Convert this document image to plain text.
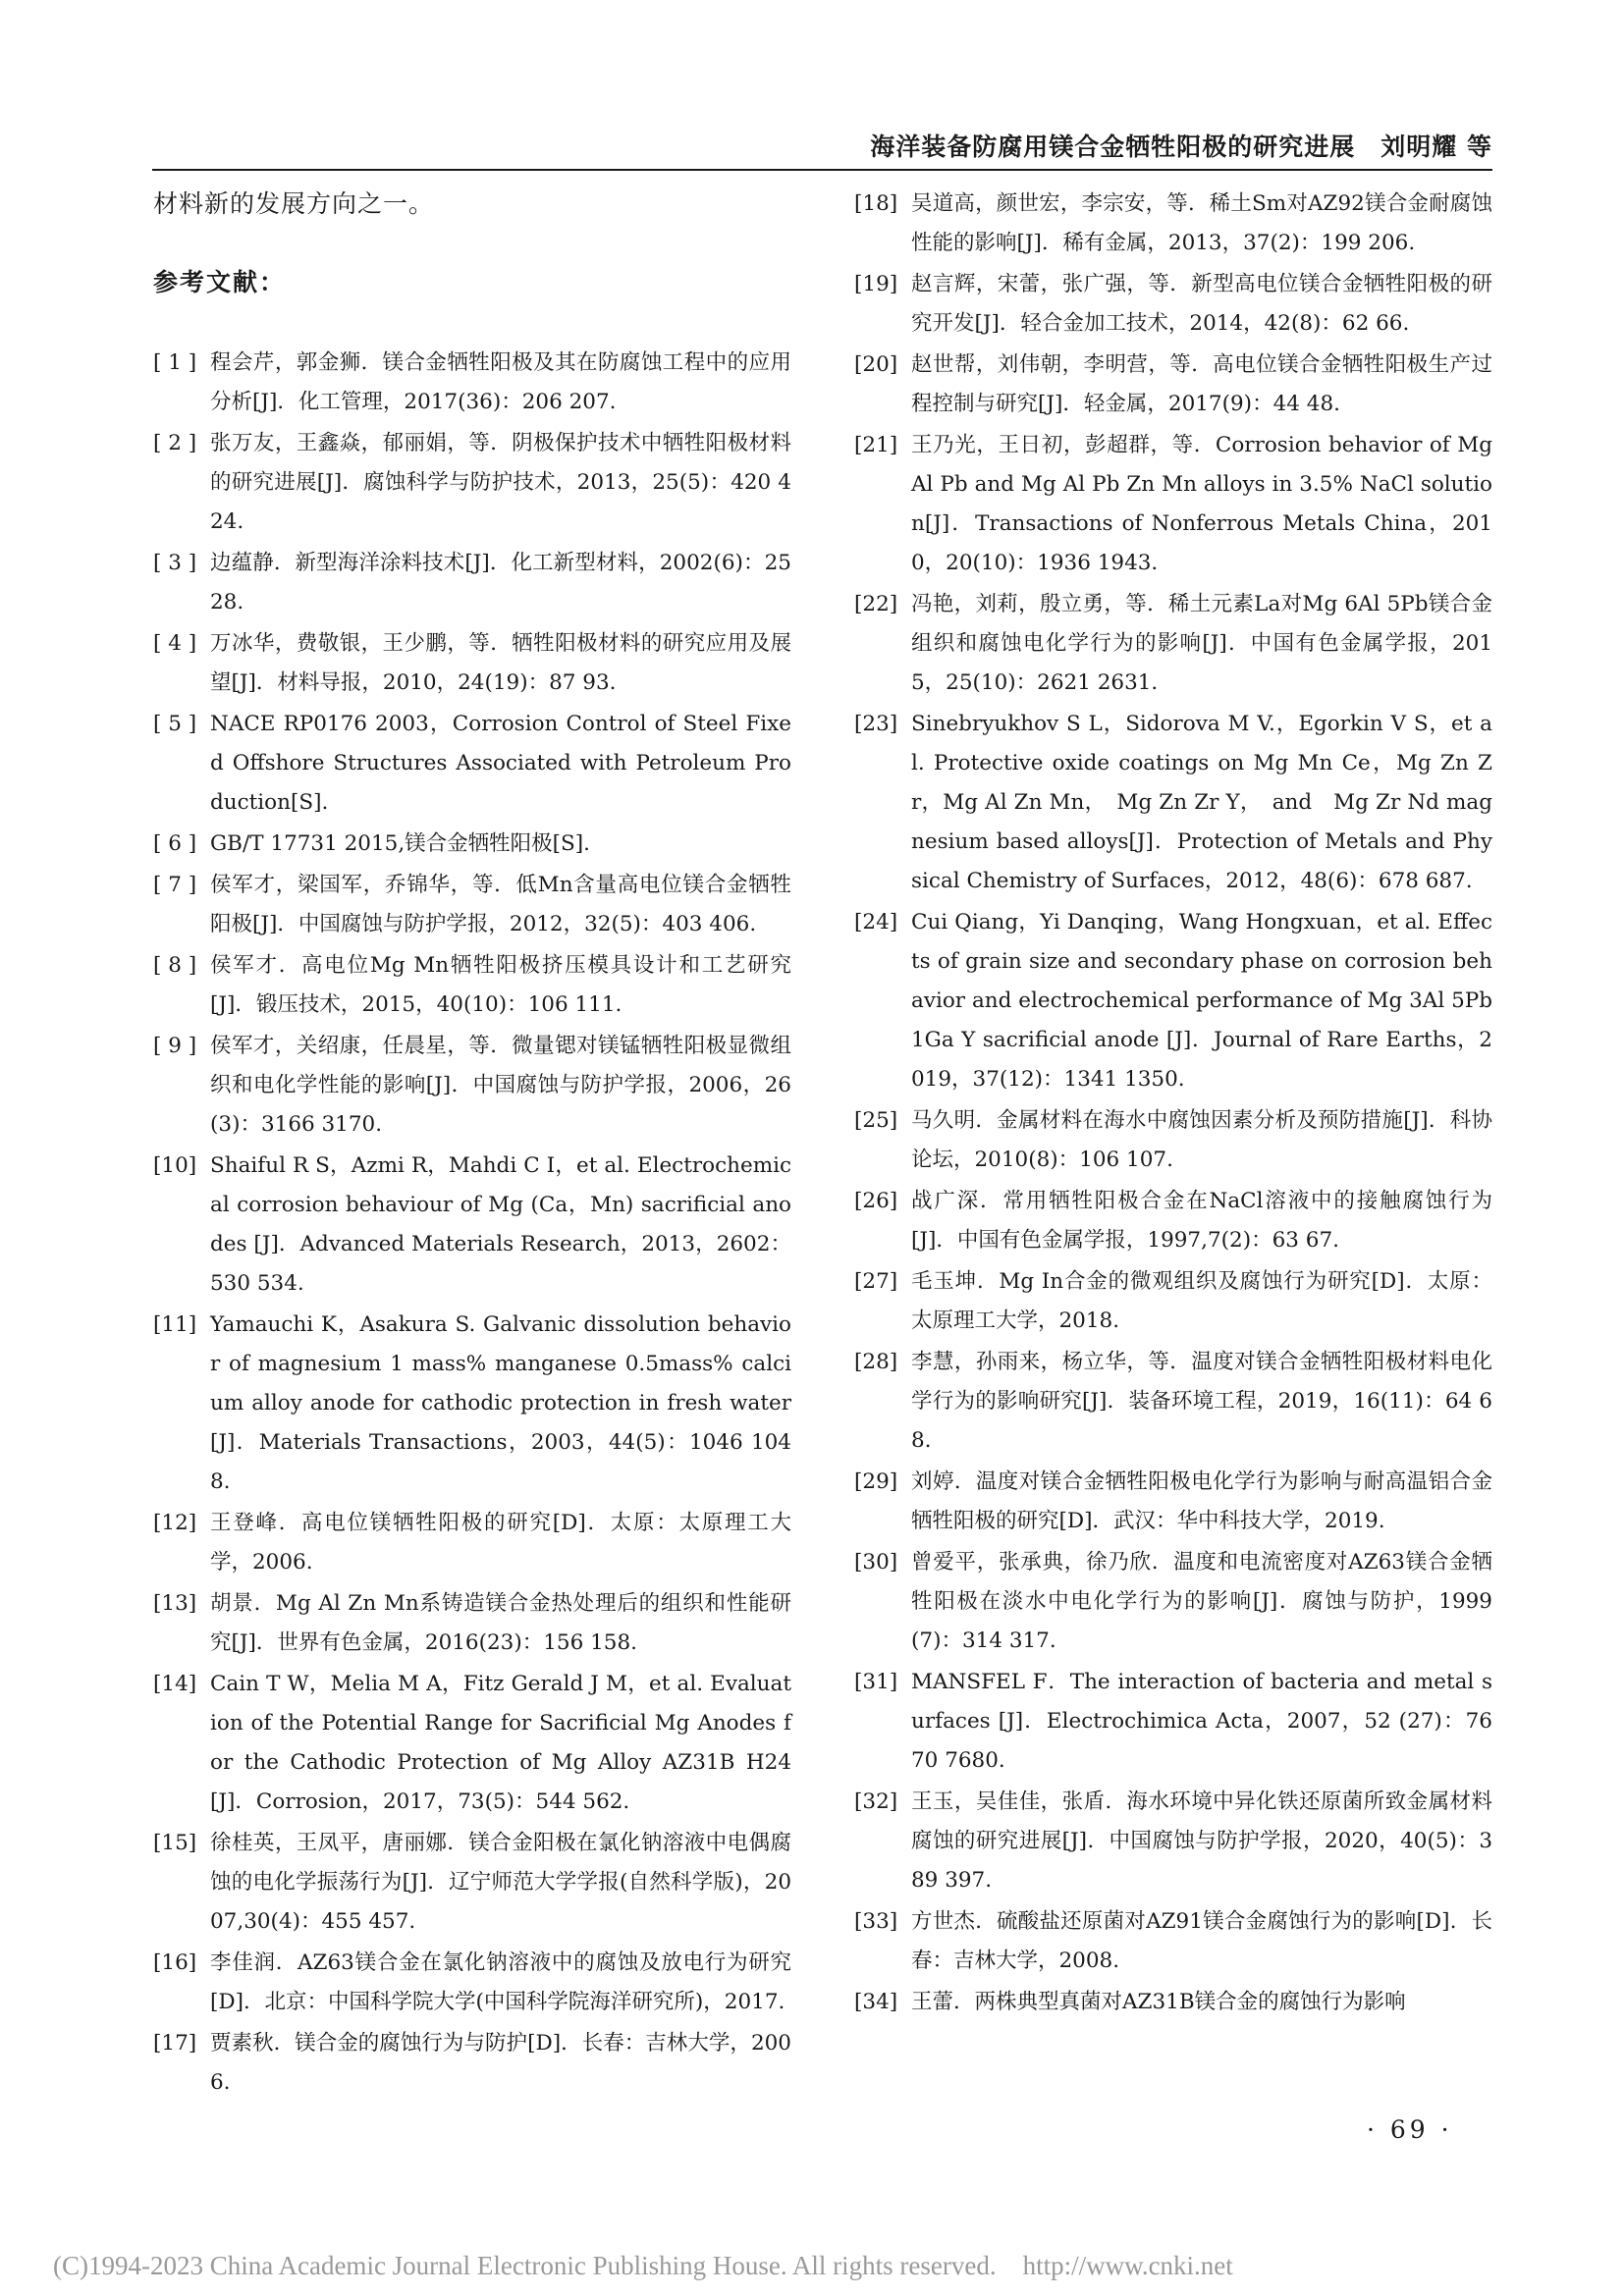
海洋装备防腐用镁合金牺牲阳极的研究进展　刘明耀 等

材料新的发展方向之一。

参考文献：
[ 1 ] 程会芹，郭金狮．镁合金牺牲阳极及其在防腐蚀工程中的应用分析[J]．化工管理，2017(36)：206 207.
[ 2 ] 张万友，王鑫焱，郁丽娟，等．阴极保护技术中牺牲阳极材料的研究进展[J]．腐蚀科学与防护技术，2013，25(5)：420 424.
[ 3 ] 边蕴静．新型海洋涂料技术[J]．化工新型材料，2002(6)：25 28.
[ 4 ] 万冰华，费敬银，王少鹏，等．牺牲阳极材料的研究应用及展望[J]．材料导报，2010，24(19)：87 93.
[ 5 ] NACE RP0176 2003，Corrosion Control of Steel Fixed Offshore Structures Associated with Petroleum Production[S].
[ 6 ] GB/T 17731 2015,镁合金牺牲阳极[S].
[ 7 ] 侯军才，梁国军，乔锦华，等．低Mn含量高电位镁合金牺牲阳极[J]．中国腐蚀与防护学报，2012，32(5)：403 406.
[ 8 ] 侯军才．高电位Mg Mn牺牲阳极挤压模具设计和工艺研究[J]．锻压技术，2015，40(10)：106 111.
[ 9 ] 侯军才，关绍康，任晨星，等．微量锶对镁锰牺牲阳极显微组织和电化学性能的影响[J]．中国腐蚀与防护学报，2006，26(3)：3166 3170.
[10] Shaiful R S，Azmi R，Mahdi C I，et al. Electrochemical corrosion behaviour of Mg (Ca，Mn) sacrificial anodes [J]．Advanced Materials Research，2013，2602：530 534.
[11] Yamauchi K，Asakura S. Galvanic dissolution behavior of magnesium 1 mass% manganese 0.5mass% calcium alloy anode for cathodic protection in fresh water[J]．Materials Transactions，2003，44(5)：1046 1048.
[12] 王登峰．高电位镁牺牲阳极的研究[D]．太原：太原理工大学，2006.
[13] 胡景．Mg Al Zn Mn系铸造镁合金热处理后的组织和性能研究[J]．世界有色金属，2016(23)：156 158.
[14] Cain T W，Melia M A，Fitz Gerald J M，et al. Evaluation of the Potential Range for Sacrificial Mg Anodes for the Cathodic Protection of Mg Alloy AZ31B H24 [J]．Corrosion，2017，73(5)：544 562.
[15] 徐桂英，王凤平，唐丽娜．镁合金阳极在氯化钠溶液中电偶腐蚀的电化学振荡行为[J]．辽宁师范大学学报(自然科学版)，2007,30(4)：455 457.
[16] 李佳润．AZ63镁合金在氯化钠溶液中的腐蚀及放电行为研究[D]．北京：中国科学院大学(中国科学院海洋研究所)，2017.
[17] 贾素秋．镁合金的腐蚀行为与防护[D]．长春：吉林大学，2006.
[18] 吴道高，颜世宏，李宗安，等．稀土Sm对AZ92镁合金耐腐蚀性能的影响[J]．稀有金属，2013，37(2)：199 206.
[19] 赵言辉，宋蕾，张广强，等．新型高电位镁合金牺牲阳极的研究开发[J]．轻合金加工技术，2014，42(8)：62 66.
[20] 赵世帮，刘伟朝，李明营，等．高电位镁合金牺牲阳极生产过程控制与研究[J]．轻金属，2017(9)：44 48.
[21] 王乃光，王日初，彭超群，等．Corrosion behavior of Mg Al Pb and Mg Al Pb Zn Mn alloys in 3.5% NaCl solution[J]．Transactions of Nonferrous Metals China，2010，20(10)：1936 1943.
[22] 冯艳，刘莉，殷立勇，等．稀土元素La对Mg 6Al 5Pb镁合金组织和腐蚀电化学行为的影响[J]．中国有色金属学报，2015，25(10)：2621 2631.
[23] Sinebryukhov S L，Sidorova M V.，Egorkin V S，et al. Protective oxide coatings on Mg Mn Ce，Mg Zn Zr，Mg Al Zn Mn，　Mg Zn Zr Y，　and　Mg Zr Nd magnesium based alloys[J]．Protection of Metals and Physical Chemistry of Surfaces，2012，48(6)：678 687.
[24] Cui Qiang，Yi Danqing，Wang Hongxuan，et al. Effects of grain size and secondary phase on corrosion behavior and electrochemical performance of Mg 3Al 5Pb 1Ga Y sacrificial anode [J]．Journal of Rare Earths，2019，37(12)：1341 1350.
[25] 马久明．金属材料在海水中腐蚀因素分析及预防措施[J]．科协论坛，2010(8)：106 107.
[26] 战广深．常用牺牲阳极合金在NaCl溶液中的接触腐蚀行为[J]．中国有色金属学报，1997,7(2)：63 67.
[27] 毛玉坤．Mg In合金的微观组织及腐蚀行为研究[D]．太原：太原理工大学，2018.
[28] 李慧，孙雨来，杨立华，等．温度对镁合金牺牲阳极材料电化学行为的影响研究[J]．装备环境工程，2019，16(11)：64 68.
[29] 刘婷．温度对镁合金牺牲阳极电化学行为影响与耐高温铝合金牺牲阳极的研究[D]．武汉：华中科技大学，2019.
[30] 曾爱平，张承典，徐乃欣．温度和电流密度对AZ63镁合金牺牲阳极在淡水中电化学行为的影响[J]．腐蚀与防护，1999(7)：314 317.
[31] MANSFEL F．The interaction of bacteria and metal surfaces [J]．Electrochimica Acta，2007，52 (27)：7670 7680.
[32] 王玉，吴佳佳，张盾．海水环境中异化铁还原菌所致金属材料腐蚀的研究进展[J]．中国腐蚀与防护学报，2020，40(5)：389 397.
[33] 方世杰．硫酸盐还原菌对AZ91镁合金腐蚀行为的影响[D]．长春：吉林大学，2008.
[34] 王蕾．两株典型真菌对AZ31B镁合金的腐蚀行为影响
· 69 ·
(C)1994-2023 China Academic Journal Electronic Publishing House. All rights reserved.　http://www.cnki.net
